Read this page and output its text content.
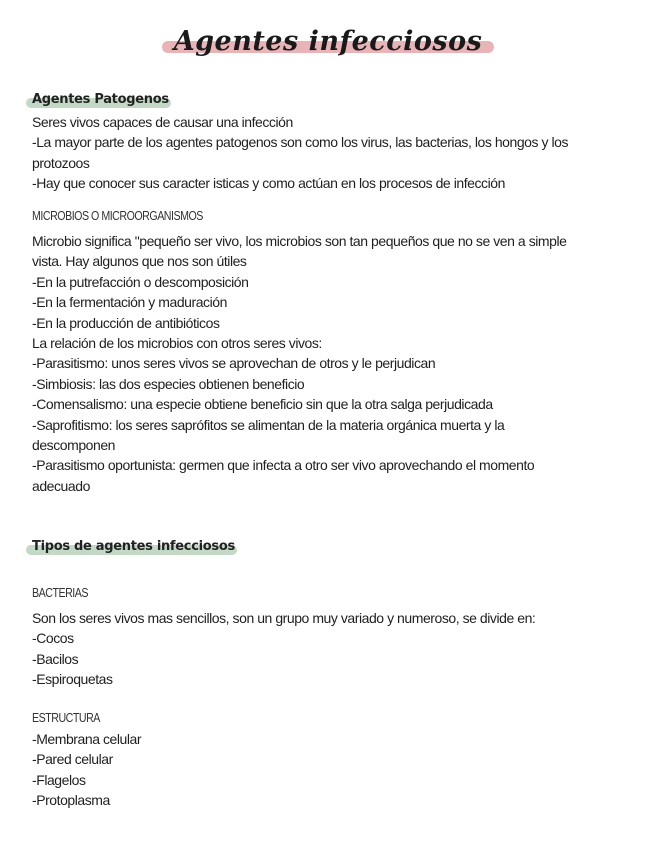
Agentes infecciosos
Agentes Patogenos
Seres vivos capaces de causar una infección
-La mayor parte de los agentes patogenos son como los virus, las bacterias, los hongos y los
protozoos
-Hay que conocer sus caracter isticas y como actúan en los procesos de infección
MICROBIOS O MICROORGANISMOS
Microbio significa "pequeño ser vivo, los microbios son tan pequeños que no se ven a simple
vista. Hay algunos que nos son útiles
-En la putrefacción o descomposición
-En la fermentación y maduración
-En la producción de antibióticos
La relación de los microbios con otros seres vivos:
-Parasitismo: unos seres vivos se aprovechan de otros y le perjudican
-Simbiosis: las dos especies obtienen beneficio
-Comensalismo: una especie obtiene beneficio sin que la otra salga perjudicada
-Saprofitismo: los seres saprófitos se alimentan de la materia orgánica muerta y la
descomponen
-Parasitismo oportunista: germen que infecta a otro ser vivo aprovechando el momento
adecuado
Tipos de agentes infecciosos
BACTERIAS
Son los seres vivos mas sencillos, son un grupo muy variado y numeroso, se divide en:
-Cocos
-Bacilos
-Espiroquetas
ESTRUCTURA
-Membrana celular
-Pared celular
-Flagelos
-Protoplasma
